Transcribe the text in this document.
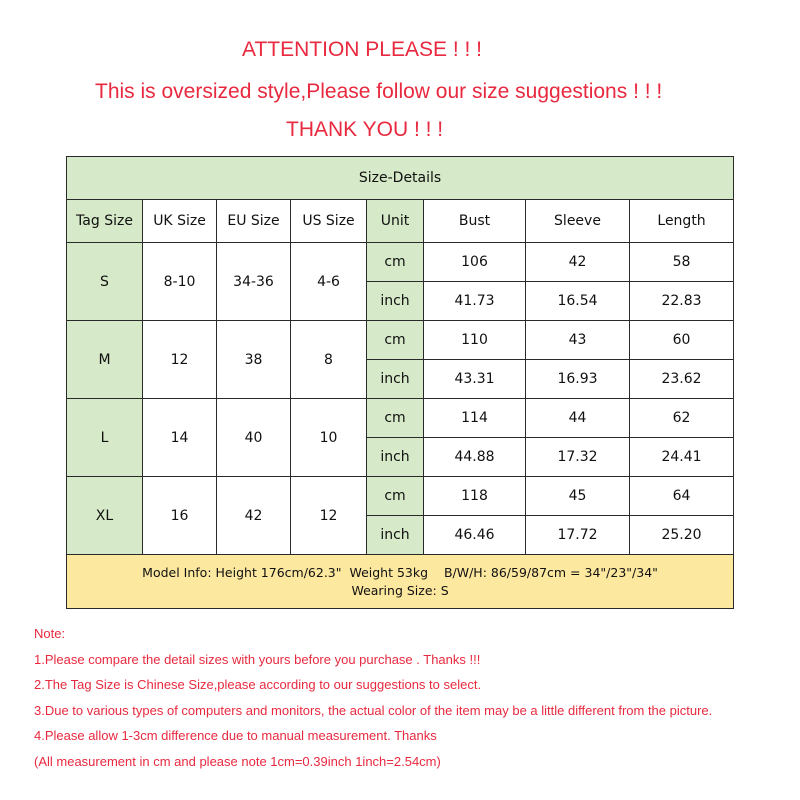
ATTENTION PLEASE ! ! !
This is oversized style,Please follow our size suggestions ! ! !
THANK YOU ! ! !
Size-Details							
Tag Size	UK Size	EU Size	US Size	Unit	Bust	Sleeve	Length
S	8-10	34-36	4-6	cm	106	42	58
				inch	41.73	16.54	22.83
M	12	38	8	cm	110	43	60
				inch	43.31	16.93	23.62
L	14	40	10	cm	114	44	62
				inch	44.88	17.32	24.41
XL	16	42	12	cm	118	45	64
				inch	46.46	17.72	25.20

Model Info: Height 176cm/62.3"  Weight 53kg    B/W/H: 86/59/87cm = 34"/23"/34"
Wearing Size: S							
Note:
1.Please compare the detail sizes with yours before you purchase . Thanks !!!
2.The Tag Size is Chinese Size,please according to our suggestions to select.
3.Due to various types of computers and monitors, the actual color of the item may be a little different from the picture.
4.Please allow 1-3cm difference due to manual measurement. Thanks
(All measurement in cm and please note 1cm=0.39inch 1inch=2.54cm)
